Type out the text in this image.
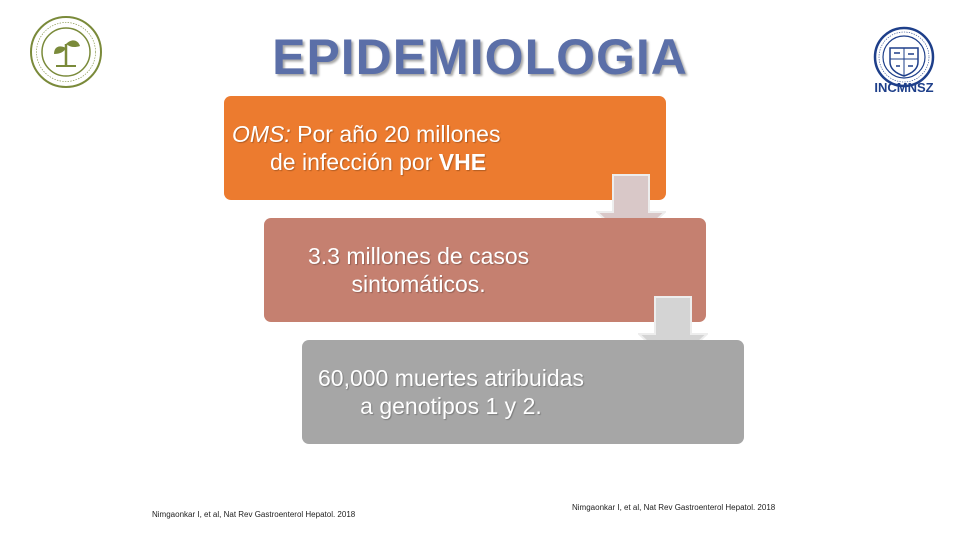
EPIDEMIOLOGIA
INCMNSZ
OMS: Por año 20 millones
de infección por VHE
3.3 millones de casos
sintomáticos.
60,000 muertes atribuidas
a genotipos 1 y 2.
Nimgaonkar I, et al, Nat Rev Gastroenterol Hepatol. 2018
Nimgaonkar I, et al, Nat Rev Gastroenterol Hepatol. 2018
